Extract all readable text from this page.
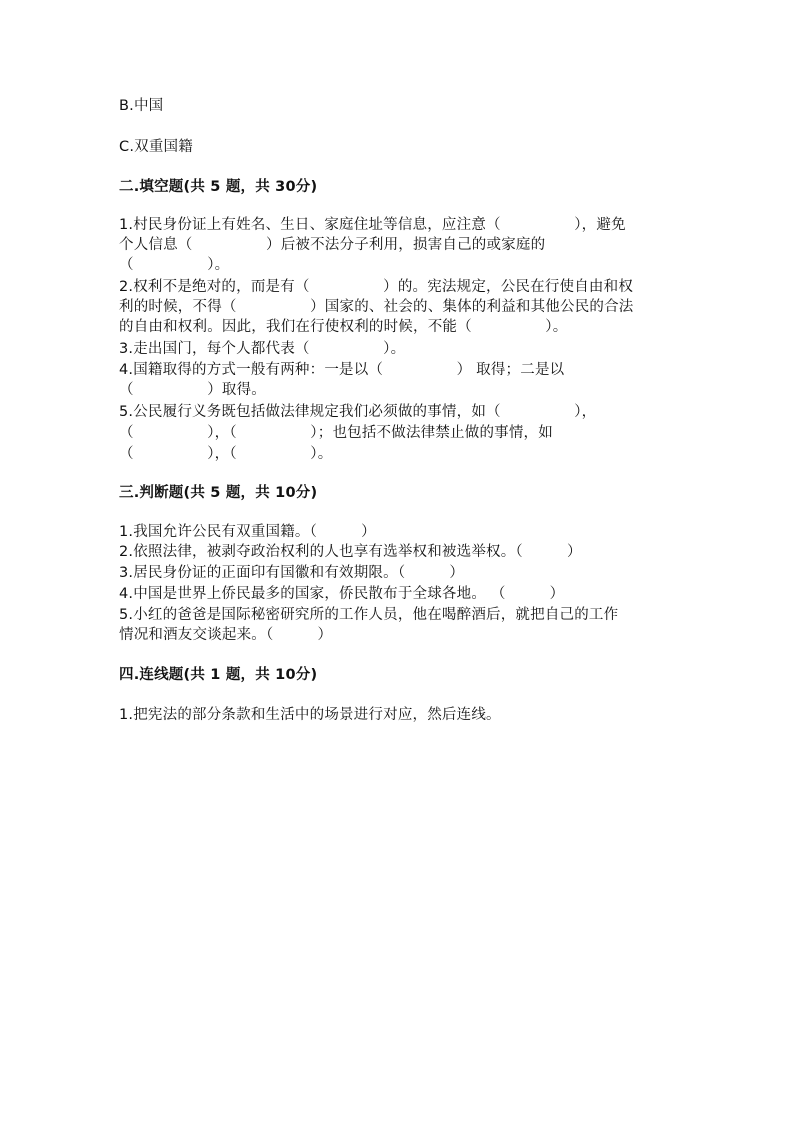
B.中国
C.双重国籍
二.填空题(共 5 题，共 30分)
1.村民身份证上有姓名、生日、家庭住址等信息，应注意（　　　　　），避免
个人信息（　　　　　）后被不法分子利用，损害自己的或家庭的
（　　　　　）。
2.权利不是绝对的，而是有（　　　　　）的。宪法规定，公民在行使自由和权
利的时候，不得（　　　　　）国家的、社会的、集体的利益和其他公民的合法
的自由和权利。因此，我们在行使权利的时候，不能（　　　　　）。
3.走出国门，每个人都代表（　　　　　）。
4.国籍取得的方式一般有两种：一是以（　　　　　） 取得；二是以
（　　　　　）取得。
5.公民履行义务既包括做法律规定我们必须做的事情，如（　　　　　），
（　　　　　），（　　　　　）；也包括不做法律禁止做的事情，如
（　　　　　），（　　　　　）。
三.判断题(共 5 题，共 10分)
1.我国允许公民有双重国籍。（　　　）
2.依照法律，被剥夺政治权利的人也享有选举权和被选举权。（　　　）
3.居民身份证的正面印有国徽和有效期限。（　　　）
4.中国是世界上侨民最多的国家，侨民散布于全球各地。 （　　　）
5.小红的爸爸是国际秘密研究所的工作人员，他在喝醉酒后，就把自己的工作
情况和酒友交谈起来。（　　　）
四.连线题(共 1 题，共 10分)
1.把宪法的部分条款和生活中的场景进行对应，然后连线。
